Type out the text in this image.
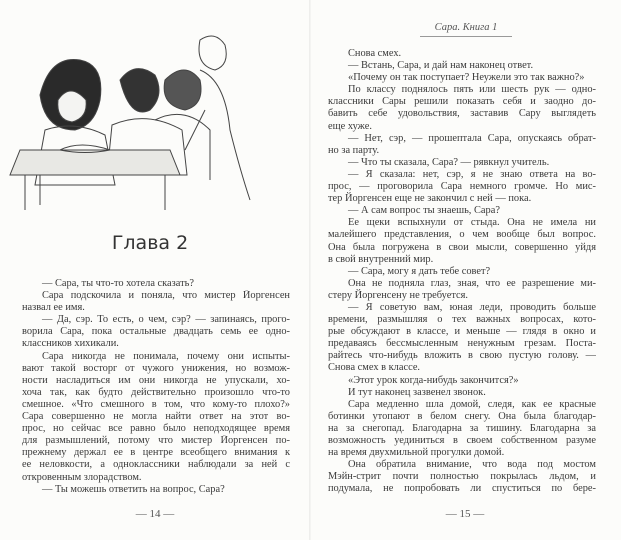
Глава 2
— Сара, ты что-то хотела сказать?
Сара подскочила и поняла, что мистер Йоргенсен
назвал ее имя.
— Да, сэр. То есть, о чем, сэр? — запинаясь, прого-
ворила Сара, пока остальные двадцать семь ее одно-
классников хихикали.
Сара никогда не понимала, почему они испыты-
вают такой восторг от чужого унижения, но возмож-
ности насладиться им они никогда не упускали, хо-
хоча так, как будто действительно произошло что-то
смешное. «Что смешного в том, что кому-то плохо?»
Сара совершенно не могла найти ответ на этот во-
прос, но сейчас все равно было неподходящее время
для размышлений, потому что мистер Йоргенсен по-
прежнему держал ее в центре всеобщего внимания к
ее неловкости, а одноклассники наблюдали за ней с
откровенным злорадством.
— Ты можешь ответить на вопрос, Сара?
— 14 —
Сара. Книга 1
Снова смех.
— Встань, Сара, и дай нам наконец ответ.
«Почему он так поступает? Неужели это так важно?»
По классу поднялось пять или шесть рук — одно-
классники Сары решили показать себя и заодно до-
бавить себе удовольствия, заставив Сару выглядеть
еще хуже.
— Нет, сэр, — прошептала Сара, опускаясь обрат-
но за парту.
— Что ты сказала, Сара? — рявкнул учитель.
— Я сказала: нет, сэр, я не знаю ответа на во-
прос, — проговорила Сара немного громче. Но мис-
тер Йоргенсен еще не закончил с ней — пока.
— А сам вопрос ты знаешь, Сара?
Ее щеки вспыхнули от стыда. Она не имела ни
малейшего представления, о чем вообще был вопрос.
Она была погружена в свои мысли, совершенно уйдя
в свой внутренний мир.
— Сара, могу я дать тебе совет?
Она не подняла глаз, зная, что ее разрешение ми-
стеру Йоргенсену не требуется.
— Я советую вам, юная леди, проводить больше
времени, размышляя о тех важных вопросах, кото-
рые обсуждают в классе, и меньше — глядя в окно и
предаваясь бессмысленным ненужным грезам. Поста-
райтесь что-нибудь вложить в свою пустую голову. —
Снова смех в классе.
«Этот урок когда-нибудь закончится?»
И тут наконец зазвенел звонок.
Сара медленно шла домой, следя, как ее красные
ботинки утопают в белом снегу. Она была благодар-
на за снегопад. Благодарна за тишину. Благодарна за
возможность уединиться в своем собственном разуме
на время двухмильной прогулки домой.
Она обратила внимание, что вода под мостом
Мэйн-стрит почти полностью покрылась льдом, и
подумала, не попробовать ли спуститься по бере-
— 15 —
